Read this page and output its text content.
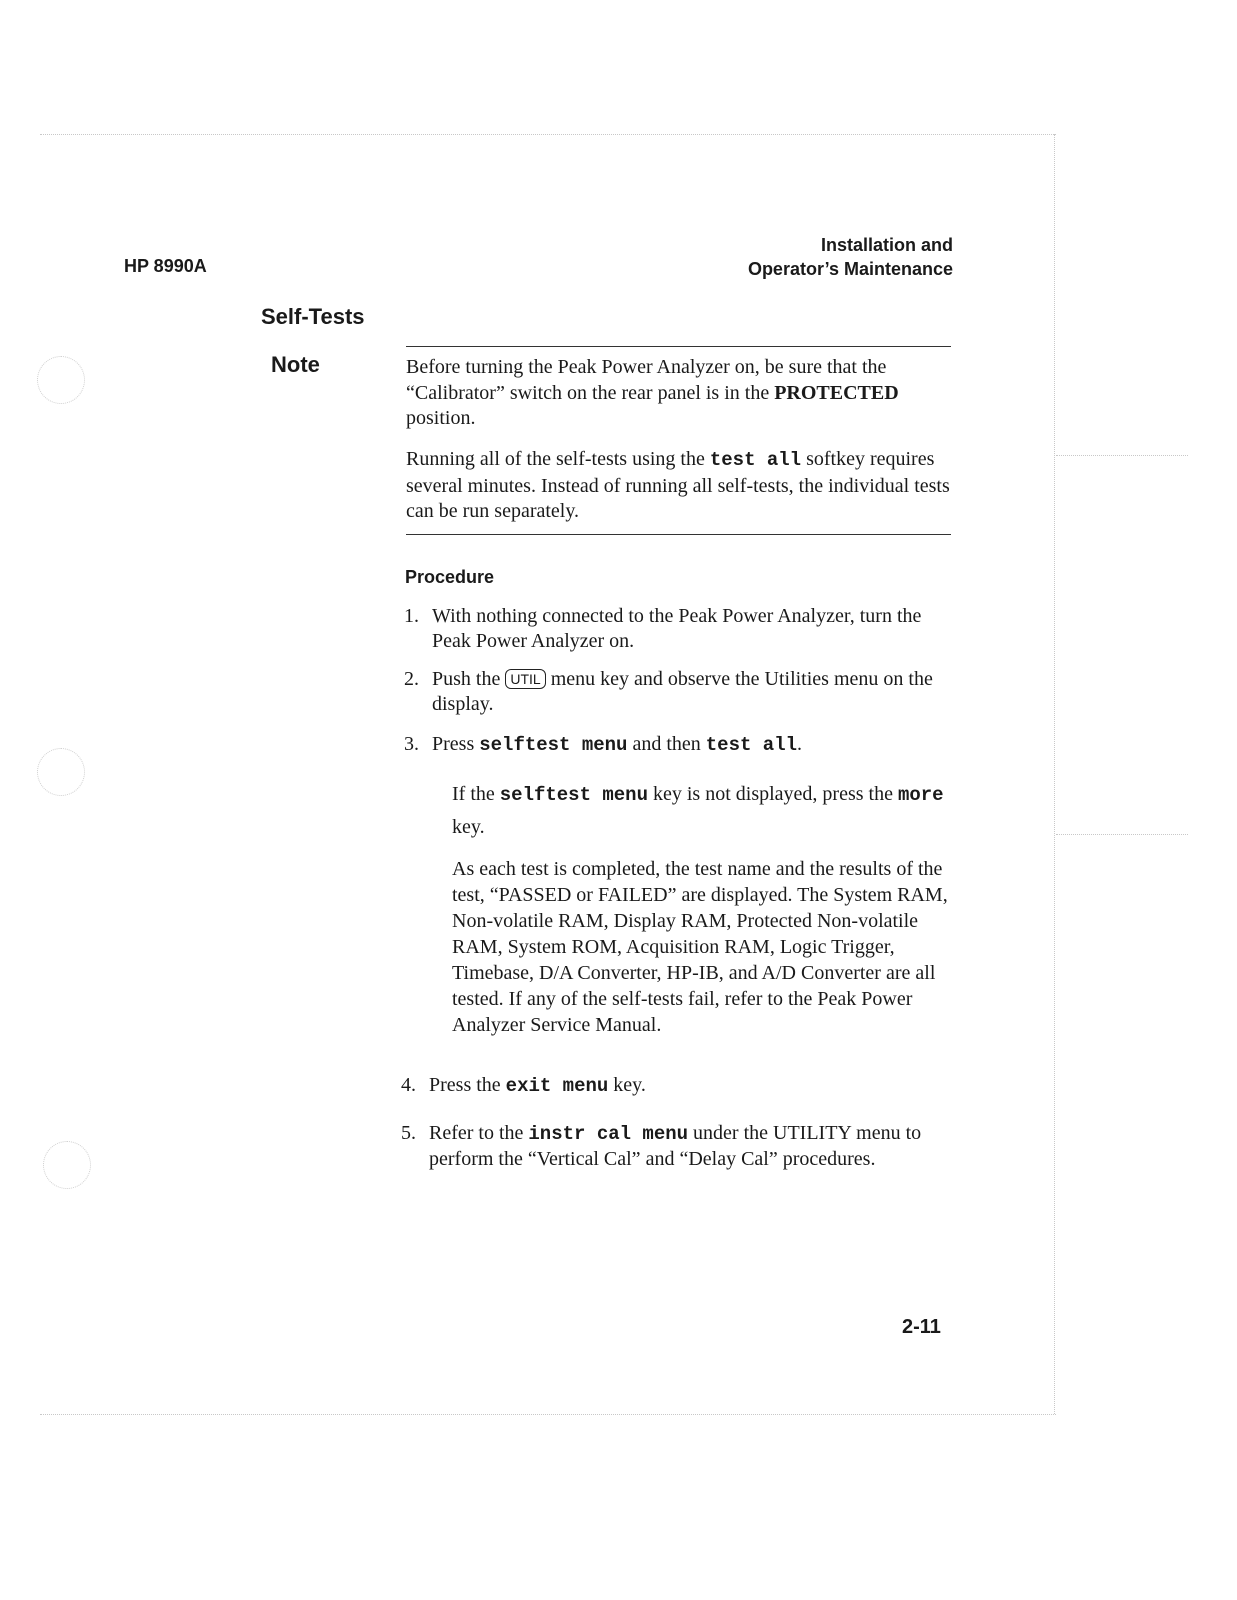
HP 8990A
Installation and
Operator’s Maintenance
Self-Tests
Note	Before turning the Peak Power Analyzer on, be sure that the “Calibrator” switch on the rear panel is in the PROTECTED position.

Running all of the self-tests using the test all softkey requires several minutes. Instead of running all self-tests, the individual tests can be run separately.

Procedure
1. With nothing connected to the Peak Power Analyzer, turn the Peak Power Analyzer on.
2. Push the UTIL menu key and observe the Utilities menu on the display.
3. Press selftest menu and then test all.

If the selftest menu key is not displayed, press the more key.

As each test is completed, the test name and the results of the test, “PASSED or FAILED” are displayed. The System RAM, Non-volatile RAM, Display RAM, Protected Non-volatile RAM, System ROM, Acquisition RAM, Logic Trigger, Timebase, D/A Converter, HP-IB, and A/D Converter are all tested. If any of the self-tests fail, refer to the Peak Power Analyzer Service Manual.

4. Press the exit menu key.
5. Refer to the instr cal menu under the UTILITY menu to perform the “Vertical Cal” and “Delay Cal” procedures.
2-11
